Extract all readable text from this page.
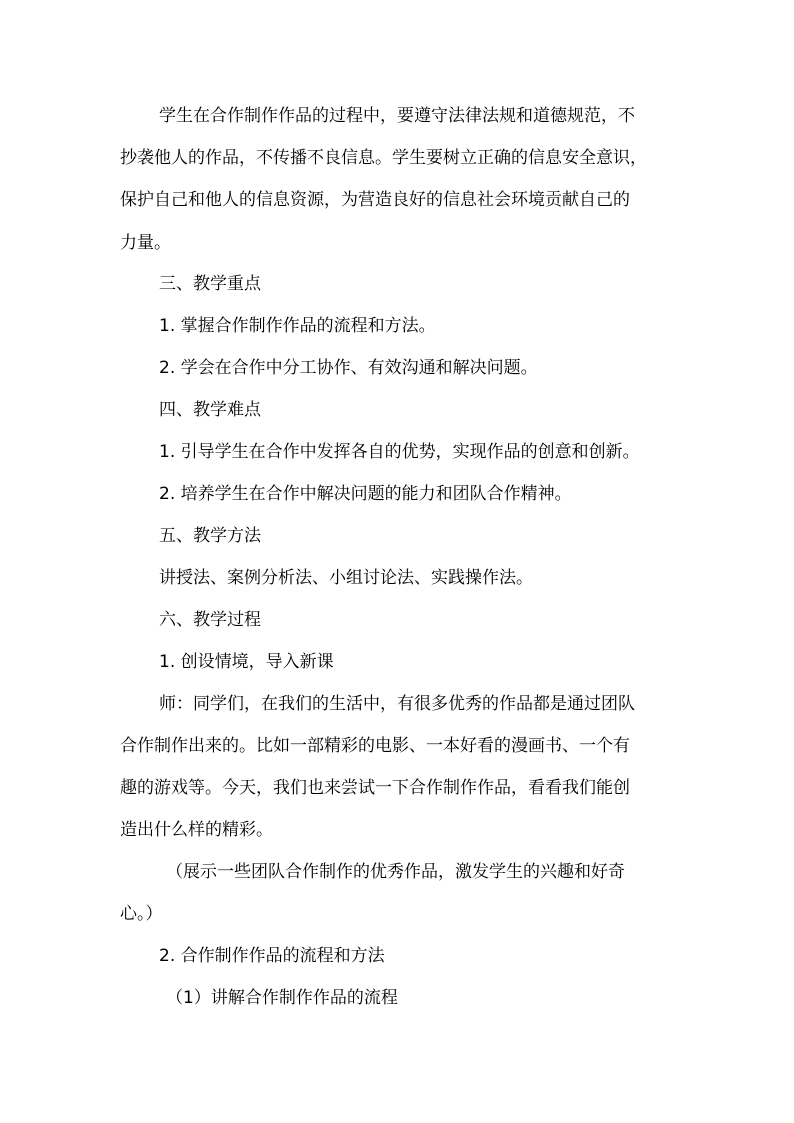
学生在合作制作作品的过程中，要遵守法律法规和道德规范，不
抄袭他人的作品，不传播不良信息。学生要树立正确的信息安全意识，
保护自己和他人的信息资源，为营造良好的信息社会环境贡献自己的
力量。
三、教学重点
1. 掌握合作制作作品的流程和方法。
2. 学会在合作中分工协作、有效沟通和解决问题。
四、教学难点
1. 引导学生在合作中发挥各自的优势，实现作品的创意和创新。
2. 培养学生在合作中解决问题的能力和团队合作精神。
五、教学方法
讲授法、案例分析法、小组讨论法、实践操作法。
六、教学过程
1. 创设情境，导入新课
师：同学们，在我们的生活中，有很多优秀的作品都是通过团队
合作制作出来的。比如一部精彩的电影、一本好看的漫画书、一个有
趣的游戏等。今天，我们也来尝试一下合作制作作品，看看我们能创
造出什么样的精彩。
（展示一些团队合作制作的优秀作品，激发学生的兴趣和好奇
心。）
2. 合作制作作品的流程和方法
（1）讲解合作制作作品的流程
